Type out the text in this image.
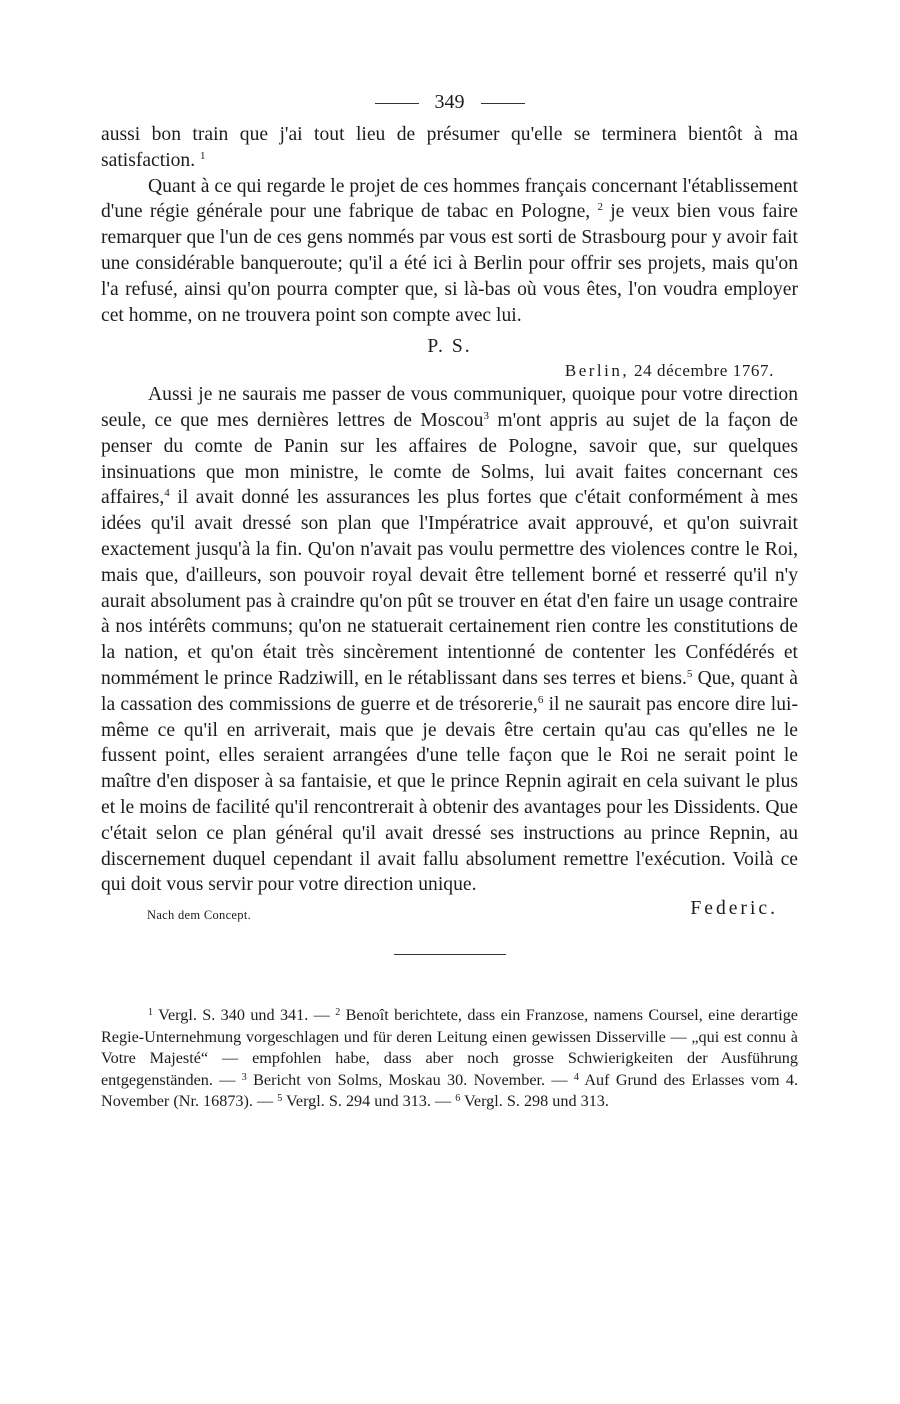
349

aussi bon train que j'ai tout lieu de présumer qu'elle se terminera bientôt à ma satisfaction. $^1$

Quant à ce qui regarde le projet de ces hommes français concernant l'établissement d'une régie générale pour une fabrique de tabac en Pologne, $^2$ je veux bien vous faire remarquer que l'un de ces gens nommés par vous est sorti de Strasbourg pour y avoir fait une considérable banqueroute; qu'il a été ici à Berlin pour offrir ses projets, mais qu'on l'a refusé, ainsi qu'on pourra compter que, si là-bas où vous êtes, l'on voudra employer cet homme, on ne trouvera point son compte avec lui.

P. S.
Berlin, 24 décembre 1767.

Aussi je ne saurais me passer de vous communiquer, quoique pour votre direction seule, ce que mes dernières lettres de Moscou$^3$ m'ont appris au sujet de la façon de penser du comte de Panin sur les affaires de Pologne, savoir que, sur quelques insinuations que mon ministre, le comte de Solms, lui avait faites concernant ces affaires,$^4$ il avait donné les assurances les plus fortes que c'était conformément à mes idées qu'il avait dressé son plan que l'Impératrice avait approuvé, et qu'on suivrait exactement jusqu'à la fin. Qu'on n'avait pas voulu permettre des violences contre le Roi, mais que, d'ailleurs, son pouvoir royal devait être tellement borné et resserré qu'il n'y aurait absolument pas à craindre qu'on pût se trouver en état d'en faire un usage contraire à nos intérêts communs; qu'on ne statuerait certainement rien contre les constitutions de la nation, et qu'on était très sincèrement intentionné de contenter les Confédérés et nommément le prince Radziwill, en le rétablissant dans ses terres et biens.$^5$ Que, quant à la cassation des commissions de guerre et de trésorerie,$^6$ il ne saurait pas encore dire lui-même ce qu'il en arriverait, mais que je devais être certain qu'au cas qu'elles ne le fussent point, elles seraient arrangées d'une telle façon que le Roi ne serait point le maître d'en disposer à sa fantaisie, et que le prince Repnin agirait en cela suivant le plus et le moins de facilité qu'il rencontrerait à obtenir des avantages pour les Dissidents. Que c'était selon ce plan général qu'il avait dressé ses instructions au prince Repnin, au discernement duquel cependant il avait fallu absolument remettre l'exécution. Voilà ce qui doit vous servir pour votre direction unique.

Nach dem Concept.	Federic.

$^1$ Vergl. S. 340 und 341. — $^2$ Benoît berichtete, dass ein Franzose, namens Coursel, eine derartige Regie-Unternehmung vorgeschlagen und für deren Leitung einen gewissen Disserville — „qui est connu à Votre Majesté“ — empfohlen habe, dass aber noch grosse Schwierigkeiten der Ausführung entgegenständen. — $^3$ Bericht von Solms, Moskau 30. November. — $^4$ Auf Grund des Erlasses vom 4. November (Nr. 16873). — $^5$ Vergl. S. 294 und 313. — $^6$ Vergl. S. 298 und 313.
